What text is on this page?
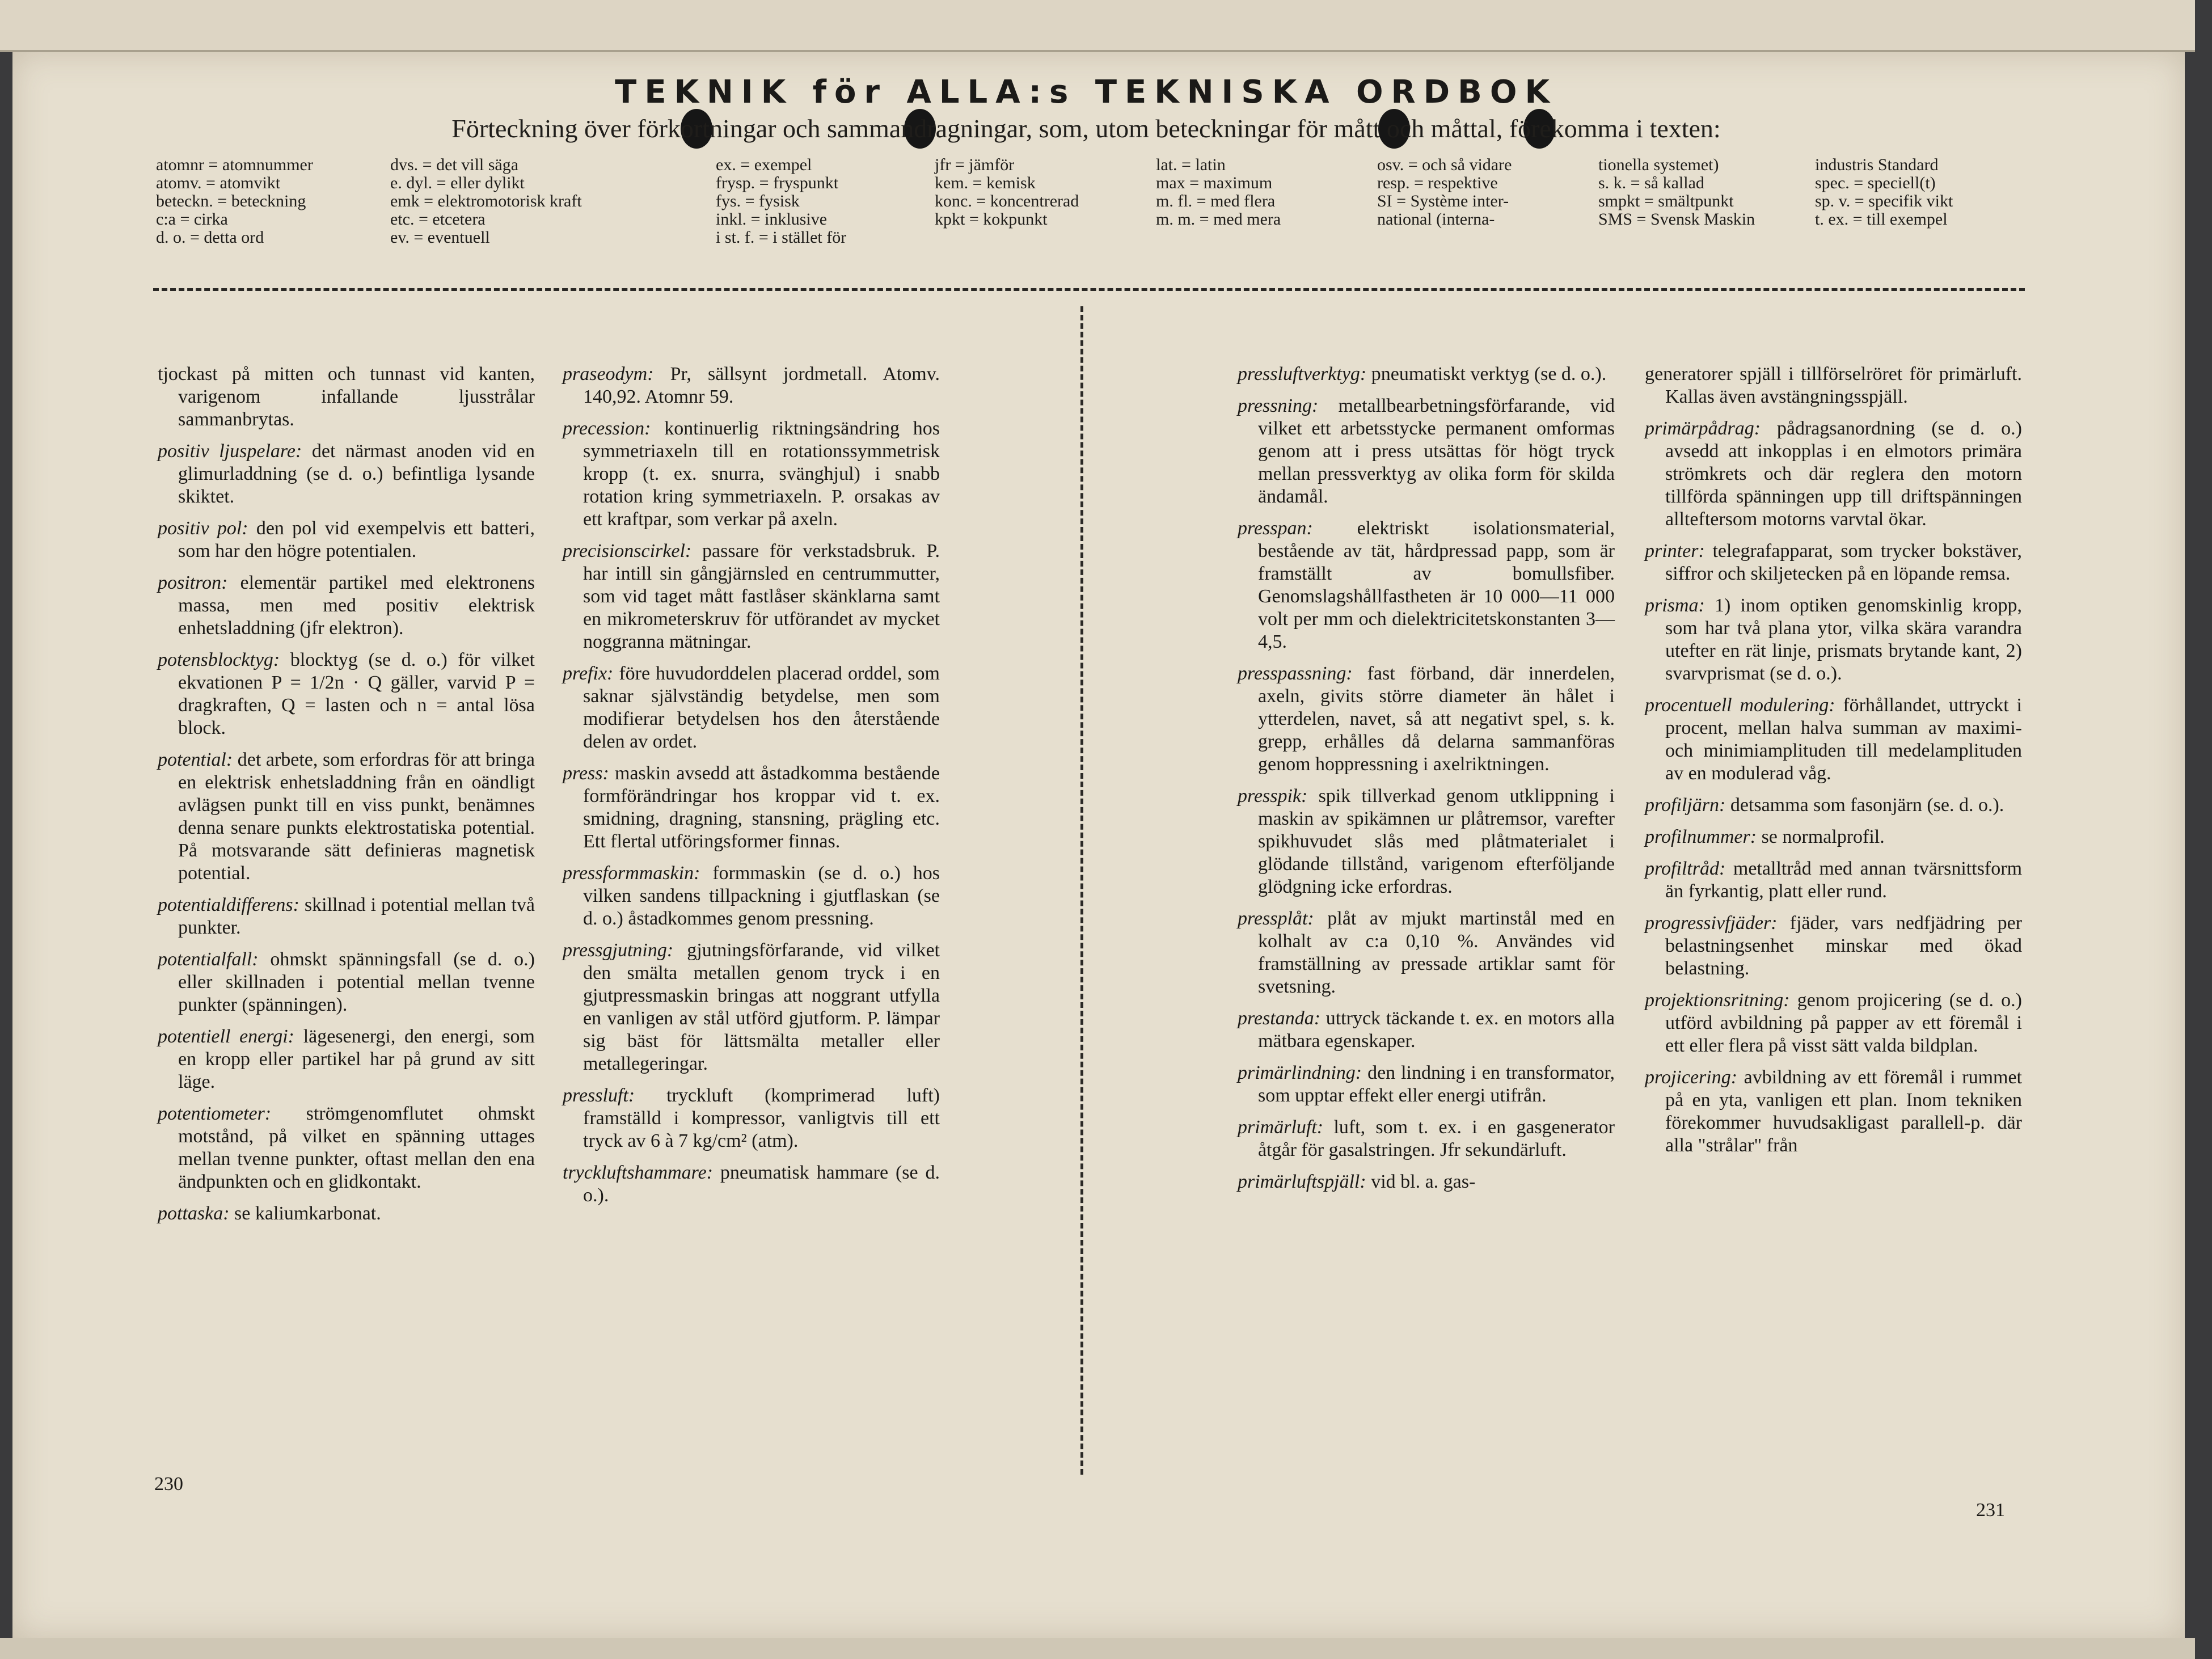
TEKNIK för ALLA:s TEKNISKA ORDBOK
Förteckning över förkortningar och sammandragningar, som, utom beteckningar för mått och måttal, förekomma i texten:
atomnr = atomnummer
atomv. = atomvikt
beteckn. = beteckning
c:a = cirka
d. o. = detta ord
dvs. = det vill säga
e. dyl. = eller dylikt
emk = elektromotorisk kraft
etc. = etcetera
ev. = eventuell
ex. = exempel
frysp. = fryspunkt
fys. = fysisk
inkl. = inklusive
i st. f. = i stället för
jfr = jämför
kem. = kemisk
konc. = koncentrerad
kpkt = kokpunkt
lat. = latin
max = maximum
m. fl. = med flera
m. m. = med mera
osv. = och så vidare
resp. = respektive
SI = Système inter-
national (interna-
tionella systemet)
s. k. = så kallad
smpkt = smältpunkt
SMS = Svensk Maskin
industris Standard
spec. = speciell(t)
sp. v. = specifik vikt
t. ex. = till exempel
tjockast på mitten och tunnast vid kanten, varigenom infallande ljusstrålar sammanbrytas.
positiv ljuspelare: det närmast anoden vid en glimurladdning (se d. o.) befintliga lysande skiktet.
positiv pol: den pol vid exempelvis ett batteri, som har den högre potentialen.
positron: elementär partikel med elektronens massa, men med positiv elektrisk enhetsladdning (jfr elektron).
potensblocktyg: blocktyg (se d. o.) för vilket ekvationen P = 1/2n · Q gäller, varvid P = dragkraften, Q = lasten och n = antal lösa block.
potential: det arbete, som erfordras för att bringa en elektrisk enhetsladdning från en oändligt avlägsen punkt till en viss punkt, benämnes denna senare punkts elektrostatiska potential. På motsvarande sätt definieras magnetisk potential.
potentialdifferens: skillnad i potential mellan två punkter.
potentialfall: ohmskt spänningsfall (se d. o.) eller skillnaden i potential mellan tvenne punkter (spänningen).
potentiell energi: lägesenergi, den energi, som en kropp eller partikel har på grund av sitt läge.
potentiometer: strömgenomflutet ohmskt motstånd, på vilket en spänning uttages mellan tvenne punkter, oftast mellan den ena ändpunkten och en glidkontakt.
pottaska: se kaliumkarbonat.
praseodym: Pr, sällsynt jordmetall. Atomv. 140,92. Atomnr 59.
precession: kontinuerlig riktningsändring hos symmetriaxeln till en rotationssymmetrisk kropp (t. ex. snurra, svänghjul) i snabb rotation kring symmetriaxeln. P. orsakas av ett kraftpar, som verkar på axeln.
precisionscirkel: passare för verkstadsbruk. P. har intill sin gångjärnsled en centrummutter, som vid taget mått fastlåser skänklarna samt en mikrometerskruv för utförandet av mycket noggranna mätningar.
prefix: före huvudorddelen placerad orddel, som saknar självständig betydelse, men som modifierar betydelsen hos den återstående delen av ordet.
press: maskin avsedd att åstadkomma bestående formförändringar hos kroppar vid t. ex. smidning, dragning, stansning, prägling etc. Ett flertal utföringsformer finnas.
pressformmaskin: formmaskin (se d. o.) hos vilken sandens tillpackning i gjutflaskan (se d. o.) åstadkommes genom pressning.
pressgjutning: gjutningsförfarande, vid vilket den smälta metallen genom tryck i en gjutpressmaskin bringas att noggrant utfylla en vanligen av stål utförd gjutform. P. lämpar sig bäst för lättsmälta metaller eller metallegeringar.
pressluft: tryckluft (komprimerad luft) framställd i kompressor, vanligtvis till ett tryck av 6 à 7 kg/cm² (atm).
tryckluftshammare: pneumatisk hammare (se d. o.).
pressluftverktyg: pneumatiskt verktyg (se d. o.).
pressning: metallbearbetningsförfarande, vid vilket ett arbetsstycke permanent omformas genom att i press utsättas för högt tryck mellan pressverktyg av olika form för skilda ändamål.
presspan: elektriskt isolationsmaterial, bestående av tät, hårdpressad papp, som är framställt av bomullsfiber. Genomslagshållfastheten är 10 000—11 000 volt per mm och dielektricitetskonstanten 3—4,5.
presspassning: fast förband, där innerdelen, axeln, givits större diameter än hålet i ytterdelen, navet, så att negativt spel, s. k. grepp, erhålles då delarna sammanföras genom hoppressning i axelriktningen.
presspik: spik tillverkad genom utklippning i maskin av spikämnen ur plåtremsor, varefter spikhuvudet slås med plåtmaterialet i glödande tillstånd, varigenom efterföljande glödgning icke erfordras.
pressplåt: plåt av mjukt martinstål med en kolhalt av c:a 0,10 %. Användes vid framställning av pressade artiklar samt för svetsning.
prestanda: uttryck täckande t. ex. en motors alla mätbara egenskaper.
primärlindning: den lindning i en transformator, som upptar effekt eller energi utifrån.
primärluft: luft, som t. ex. i en gasgenerator åtgår för gasalstringen. Jfr sekundärluft.
primärluftspjäll: vid bl. a. gas-
generatorer spjäll i tillförselröret för primärluft. Kallas även avstängningsspjäll.
primärpådrag: pådragsanordning (se d. o.) avsedd att inkopplas i en elmotors primära strömkrets och där reglera den motorn tillförda spänningen upp till driftspänningen allteftersom motorns varvtal ökar.
printer: telegrafapparat, som trycker bokstäver, siffror och skiljetecken på en löpande remsa.
prisma: 1) inom optiken genomskinlig kropp, som har två plana ytor, vilka skära varandra utefter en rät linje, prismats brytande kant, 2) svarvprismat (se d. o.).
procentuell modulering: förhållandet, uttryckt i procent, mellan halva summan av maximi- och minimiamplituden till medelamplituden av en modulerad våg.
profiljärn: detsamma som fasonjärn (se. d. o.).
profilnummer: se normalprofil.
profiltråd: metalltråd med annan tvärsnittsform än fyrkantig, platt eller rund.
progressivfjäder: fjäder, vars nedfjädring per belastningsenhet minskar med ökad belastning.
projektionsritning: genom projicering (se d. o.) utförd avbildning på papper av ett föremål i ett eller flera på visst sätt valda bildplan.
projicering: avbildning av ett föremål i rummet på en yta, vanligen ett plan. Inom tekniken förekommer huvudsakligast parallell-p. där alla "strålar" från
230
231
